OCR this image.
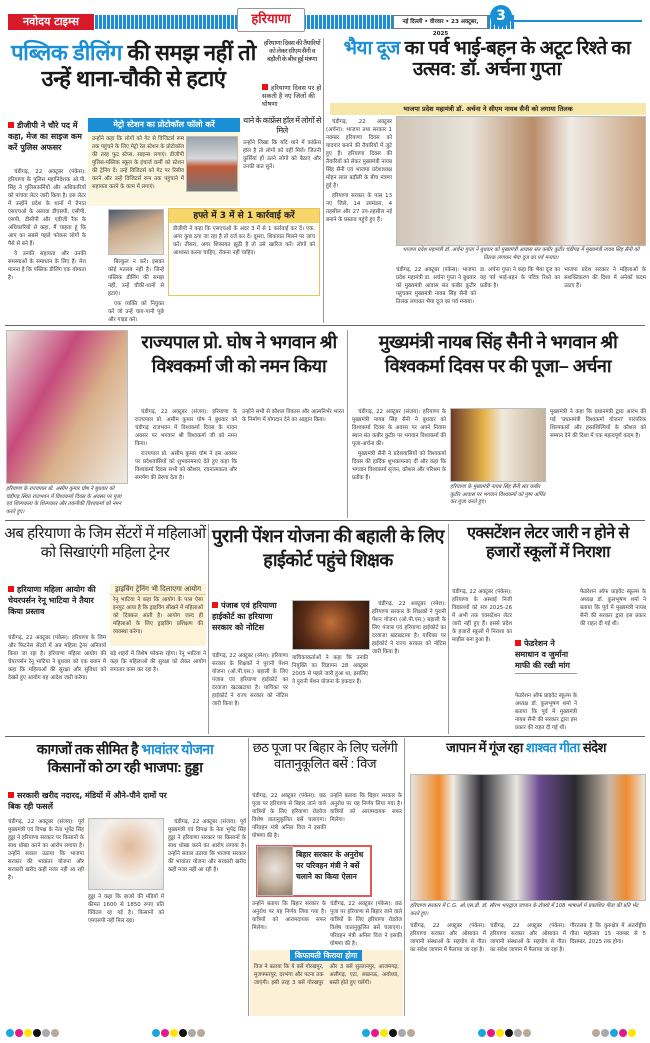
नवोदय टाइम्स	हरियाणा	नई दिल्ली • वीरवार • 23 अक्टूबर, 2025
3
पब्लिक डीलिंग की समझ नहीं तो उन्हें थाना-चौकी से हटाएं
डीजीपी ने चौरे पद में कहा, मेज का साइज कम करें पुलिस अफसर

चंडीगढ़, 22 अक्टूबर (पंकेस): हरियाणा के पुलिस महानिदेशक ओ.पी. सिंह ने पुलिसकर्मियों और अधिकारियों को पांचवा लेटर जारी किया है। इस लेटर में उन्होंने प्रदेश के थानों में तैनात एसएचओ के अलावा डीएसपी, एसीपी, एसपी, डीसीपी और एडीजी रैंक के अधिकारियों से कहा, मैं चाहता हूं कि आप का सबसे पहले फोकस लोगों के पैसे से बने हैं।

वे उनकी सहायता और उनकी समस्याओं के समाधान के लिए हैं। मेरा मानना है कि पब्लिक डीलिंग एक योग्यता है।

मेट्रो स्टेशन का प्रोटोकॉल फॉलो करें
उन्होंने कहा कि लोगों को गेट से विजिटर्स रूम तक पहुंचने के लिए मेट्रो रेल स्टेशन के प्रोटोकॉल की तरह फुट स्टेप्स, साइन्स लगाएं। डीजीपी पुलिस-पब्लिक स्कूल के इंचार्ज कर्मी को स्टेशन की ट्रेनिंग दें। उन्हें विजिटर्स को गेट पर रिसीव करने और उन्हें विजिटर्स रूम तक पहुंचाने में सहायता करने के काम में लगाएं।
थाने के कांफ्रेंस हॉल में लोगों से मिले
उन्होंने लिखा कि यदि थाने में कांफ्रेंस हॉल है तो लोगों को वहीं मिलें। जितनी कुर्सियां हों उतने लोगों को बैठाएं और उनकी बात सुनें।

बिल्कुल न करें। इसका कोई मतलब नहीं है। जिन्हें पब्लिक डीलिंग की समझ नहीं, उन्हें चौकी-थानों से हटाएं।

एक व्यक्ति को नियुक्त करें जो उन्हें चाय-पानी पूछे और गाइड करे।

हफ्ते में 3 में से 1 कार्रवाई करें
डीजीपी ने कहा कि एसएचओ के अंदर 3 में से 1 कार्रवाई कर दें। एक, अगर कुछ ठगा जा रहा है तो दर्ज कर दें। दूसरा, शिकायत मिलने पर जांच करें। तीसरा, अगर शिकायत झूठी है तो उसे खारिज करें। लोगों को आश्वस्त करना चाहिए, रोकना नहीं चाहिए।
हरियाणा दिवस की तैयारियों को लेकर सीएम सैनी व बड़ौली के बीच हुई मंत्रणा
हरियाणा दिवस पर हो सकती है नए जिलों की घोषणा
भैया दूज का पर्व भाई-बहन के अटूट रिश्ते का उत्सव: डॉ. अर्चना गुप्ता
भाजपा प्रदेश महामंत्री डॉ. अर्चना ने सीएम नायब सैनी को लगाया तिलक

चंडीगढ़, 22 अक्टूबर (अर्चना): भाजपा तथा सरकार 1 नवम्बर हरियाणा दिवस को यादगार बनाने की तैयारियों में जुटे हुए हैं। हरियाणा दिवस की तैयारियों को लेकर मुख्यमंत्री नायब सिंह सैनी एवं भाजपा प्रदेशाध्यक्ष मोहन लाल बड़ौली के बीच मंत्रणा हुई है।

हरियाणा सरकार के पास 13 नए जिले, 14 उपमंडल, 4 तहसील और 27 उप-तहसील नई बनाने के प्रस्ताव पहुंचे हुए हैं।

भाजपा प्रदेश महामंत्री डॉ. अर्चना गुप्ता ने बुधवार को मुख्यमंत्री आवास संत कबीर कुटीर चंडीगढ़ में मुख्यमंत्री नायब सिंह सैनी को तिलक लगाकर भैया दूज का पर्व मनाया।
चंडीगढ़, 22 अक्टूबर (पंकेस): भाजपा प्रदेश महामंत्री डा. अर्चना गुप्ता ने बुधवार को मुख्यमंत्री आवास संत कबीर कुटीर पहुंचकर मुख्यमंत्री नायब सिंह सैनी को तिलक लगाकर भैया दूज का पर्व मनाया।
डा. अर्चना गुप्ता ने कहा कि भैया दूज का यह पर्व भाई-बहन के पवित्र रिश्ते का प्रतीक है।
भाजपा प्रदेश सरकार ने महिलाओं के सशक्तिकरण की दिशा में अनेकों कदम उठाए हैं।
हरियाणा के राज्यपाल प्रो. असीम कुमार घोष ने बुधवार को चंडीगढ़ स्थित राजभवन में विश्वकर्मा दिवस के अवसर पर पूजा एवं शिल्पकला के शिल्पकार और तकनीकी विश्वकर्मा को नमन करते हुए।
राज्यपाल प्रो. घोष ने भगवान श्री विश्वकर्मा जी को नमन किया

चंडीगढ़, 22 अक्टूबर (संजय): हरियाणा के राज्यपाल प्रो. असीम कुमार घोष ने बुधवार को चंडीगढ़ राजभवन में विश्वकर्मा दिवस के पावन अवसर पर भगवान श्री विश्वकर्मा जी को नमन किया।

राज्यपाल प्रो. असीम कुमार घोष ने इस अवसर पर प्रदेशवासियों को शुभकामनाएं देते हुए कहा कि विश्वकर्मा दिवस सभी को कौशल, रचनात्मकता और समर्पण की प्रेरणा देता है।

उन्होंने सभी से कौशल विकास और आत्मनिर्भर भारत के निर्माण में योगदान देने का आह्वान किया।
मुख्यमंत्री नायब सिंह सैनी ने भगवान श्री विश्वकर्मा दिवस पर की पूजा– अर्चना

चंडीगढ़, 22 अक्टूबर (संजय): हरियाणा के मुख्यमंत्री नायब सिंह सैनी ने बुधवार को विश्वकर्मा दिवस के अवसर पर अपने निवास स्थान संत कबीर कुटीर पर भगवान विश्वकर्मा की पूजा-अर्चना की।

मुख्यमंत्री सैनी ने प्रदेशवासियों को विश्वकर्मा दिवस की हार्दिक शुभकामनाएं दीं और कहा कि भगवान विश्वकर्मा सृजन, कौशल और परिश्रम के प्रतीक हैं।

हरियाणा के मुख्यमंत्री नायब सिंह सैनी संत कबीर कुटीर आवास पर भगवान विश्वकर्मा को पुष्प अर्पित कर पूजा करते हुए।
मुख्यमंत्री ने कहा कि प्रधानमंत्री द्वारा आरंभ की गई 'प्रधानमंत्री विश्वकर्मा योजना' पारंपरिक शिल्पकारों और हस्तशिल्पियों के कौशल को सम्मान देने की दिशा में एक महत्वपूर्ण कदम है।
अब हरियाणा के जिम सेंटरों में महिलाओं को सिखाएंगी महिला ट्रेनर
हरियाणा महिला आयोग की चेयरपर्सन रेनू भाटिया ने तैयार किया प्रस्ताव
चंडीगढ़, 22 अक्टूबर (पंकेस): हरियाणा के जिम और फिटनेस सेंटरों में अब महिला ट्रेनर अनिवार्य किया जा रहा है। हरियाणा महिला आयोग की चेयरपर्सन रेनू भाटिया ने बुधवार को एक बयान में कहा कि महिलाओं की सुरक्षा और सुविधा को देखते हुए आयोग यह आदेश जारी करेगा।
ड्राइविंग ट्रेनिंग भी दिलाएगा आयोग
रेनू भाटिया ने कहा कि आयोग के पास ऐसा इनपुट आया है कि ड्राइविंग सीखने में महिलाओं को दिक्कत आती है। आयोग जल्द ही महिलाओं के लिए ड्राइविंग प्रशिक्षण की व्यवस्था करेगा।
बड़े शहरों में विशेष फोकस रहेगा। रेनू भाटिया ने कहा कि महिलाओं की सुरक्षा को लेकर आयोग लगातार काम कर रहा है।
पुरानी पेंशन योजना की बहाली के लिए हाईकोर्ट पहुंचे शिक्षक
पंजाब एवं हरियाणा हाईकोर्ट का हरियाणा सरकार को नोटिस
चंडीगढ़, 22 अक्टूबर (रमेश): हरियाणा सरकार के शिक्षकों ने पुरानी पेंशन योजना (ओ.पी.एस.) बहाली के लिए पंजाब एवं हरियाणा हाईकोर्ट का दरवाजा खटखटाया है। याचिका पर हाईकोर्ट ने राज्य सरकार को नोटिस जारी किया है।
याचिकाकर्ताओं ने कहा कि उनकी नियुक्ति का विज्ञापन 28 अक्टूबर 2005 से पहले जारी हुआ था, इसलिए वे पुरानी पेंशन योजना के हकदार हैं।

चंडीगढ़, 22 अक्टूबर (रमेश): हरियाणा सरकार के शिक्षकों ने पुरानी पेंशन योजना (ओ.पी.एस.) बहाली के लिए पंजाब एवं हरियाणा हाईकोर्ट का दरवाजा खटखटाया है। याचिका पर हाईकोर्ट ने राज्य सरकार को नोटिस जारी किया है।

एक्सटेंशन लेटर जारी न होने से हजारों स्कूलों में निराशा
चंडीगढ़, 22 अक्टूबर (पंकेस): हरियाणा के अस्थाई निजी विद्यालयों को सत्र 2025-26 में अभी तक एक्सटेंशन लेटर जारी नहीं हुए हैं। इससे प्रदेश के हजारों स्कूलों में निराशा का माहौल बना हुआ है।	फेडरेशन ने समाधान व जुर्माना माफी की रखी मांग
फेडरेशन ऑफ प्राइवेट स्कूल्स के अध्यक्ष डॉ. कुलभूषण शर्मा ने बताया कि पूर्व में मुख्यमंत्री नायब सैनी की सरकार द्वारा इस प्रकार की राहत दी गई थी।
फेडरेशन ऑफ प्राइवेट स्कूल्स के अध्यक्ष डॉ. कुलभूषण शर्मा ने बताया कि पूर्व में मुख्यमंत्री नायब सैनी की सरकार द्वारा इस प्रकार की राहत दी गई थी।
कागजों तक सीमित है भावांतर योजना
किसानों को ठग रही भाजपा: हुड्डा
सरकारी खरीद नदारद, मंडियों में औने-पौने दामों पर बिक रही फसलें
चंडीगढ़, 22 अक्टूबर (संजय): पूर्व मुख्यमंत्री एवं विपक्ष के नेता भूपेंद्र सिंह हुड्डा ने हरियाणा सरकार पर किसानों के साथ धोखा करने का आरोप लगाया है। उन्होंने सवाल उठाया कि भाजपा सरकार की भावांतर योजना और सरकारी खरीद कहीं नजर नहीं आ रही है।
हुड्डा ने कहा कि बाजरे की मंडियों में कीमत 1600 से 1850 रुपए प्रति क्विंटल रह गई है। किसानों को एमएसपी नहीं मिल रहा।

चंडीगढ़, 22 अक्टूबर (संजय): पूर्व मुख्यमंत्री एवं विपक्ष के नेता भूपेंद्र सिंह हुड्डा ने हरियाणा सरकार पर किसानों के साथ धोखा करने का आरोप लगाया है। उन्होंने सवाल उठाया कि भाजपा सरकार की भावांतर योजना और सरकारी खरीद कहीं नजर नहीं आ रही है।

छठ पूजा पर बिहार के लिए चलेंगी वातानुकूलित बसें : विज
चंडीगढ़, 22 अक्टूबर (पंकेस): छठ पूजा पर हरियाणा से बिहार जाने वाले यात्रियों के लिए हरियाणा रोडवेज विशेष वातानुकूलित बसें चलाएगा। परिवहन मंत्री अनिल विज ने इसकी घोषणा की है।
उन्होंने बताया कि बिहार सरकार के अनुरोध पर यह निर्णय लिया गया है। यात्रियों को आरामदायक सफर मिलेगा।
बिहार सरकार के अनुरोध पर परिवहन मंत्री ने बसें चलाने का किया ऐलान
उन्होंने बताया कि बिहार सरकार के अनुरोध पर यह निर्णय लिया गया है। यात्रियों को आरामदायक सफर मिलेगा।
चंडीगढ़, 22 अक्टूबर (पंकेस): छठ पूजा पर हरियाणा से बिहार जाने वाले यात्रियों के लिए हरियाणा रोडवेज विशेष वातानुकूलित बसें चलाएगा। परिवहन मंत्री अनिल विज ने इसकी घोषणा की है।
किफायती किराया होगा
विज ने बताया कि ये बसें गोरखपुर, मुजफ्फरपुर, दरभंगा और पटना तक जाएंगी। इसी तरह 3 बसें गोरखपुर और 3 बसें सुल्तानपुर, आजमगढ़, अलीगढ़, एटा, लखनऊ, अयोध्या, बस्ती होते हुए चलेंगी।
जापान में गूंज रहा शाश्वत गीता संदेश
हरियाणा सरकार में C.G. ओ.एस.डी. डॉ. सौरभ भारद्वाज जापान के टोक्यो में 108 भाषाओं में प्रकाशित गीता की प्रति भेंट करते हुए।
चंडीगढ़, 22 अक्टूबर (पंकेस): हरियाणा सरकार और ओसाका में जापानी संस्थाओं के सहयोग से गीता का संदेश जापान में फैलाया जा रहा है।
चंडीगढ़, 22 अक्टूबर (पंकेस): हरियाणा सरकार और ओसाका में जापानी संस्थाओं के सहयोग से गीता का संदेश जापान में फैलाया जा रहा है।
गौरतलब है कि कुरुक्षेत्र में अंतर्राष्ट्रीय गीता महोत्सव 15 नवम्बर से 5 दिसम्बर, 2025 तक होगा।
